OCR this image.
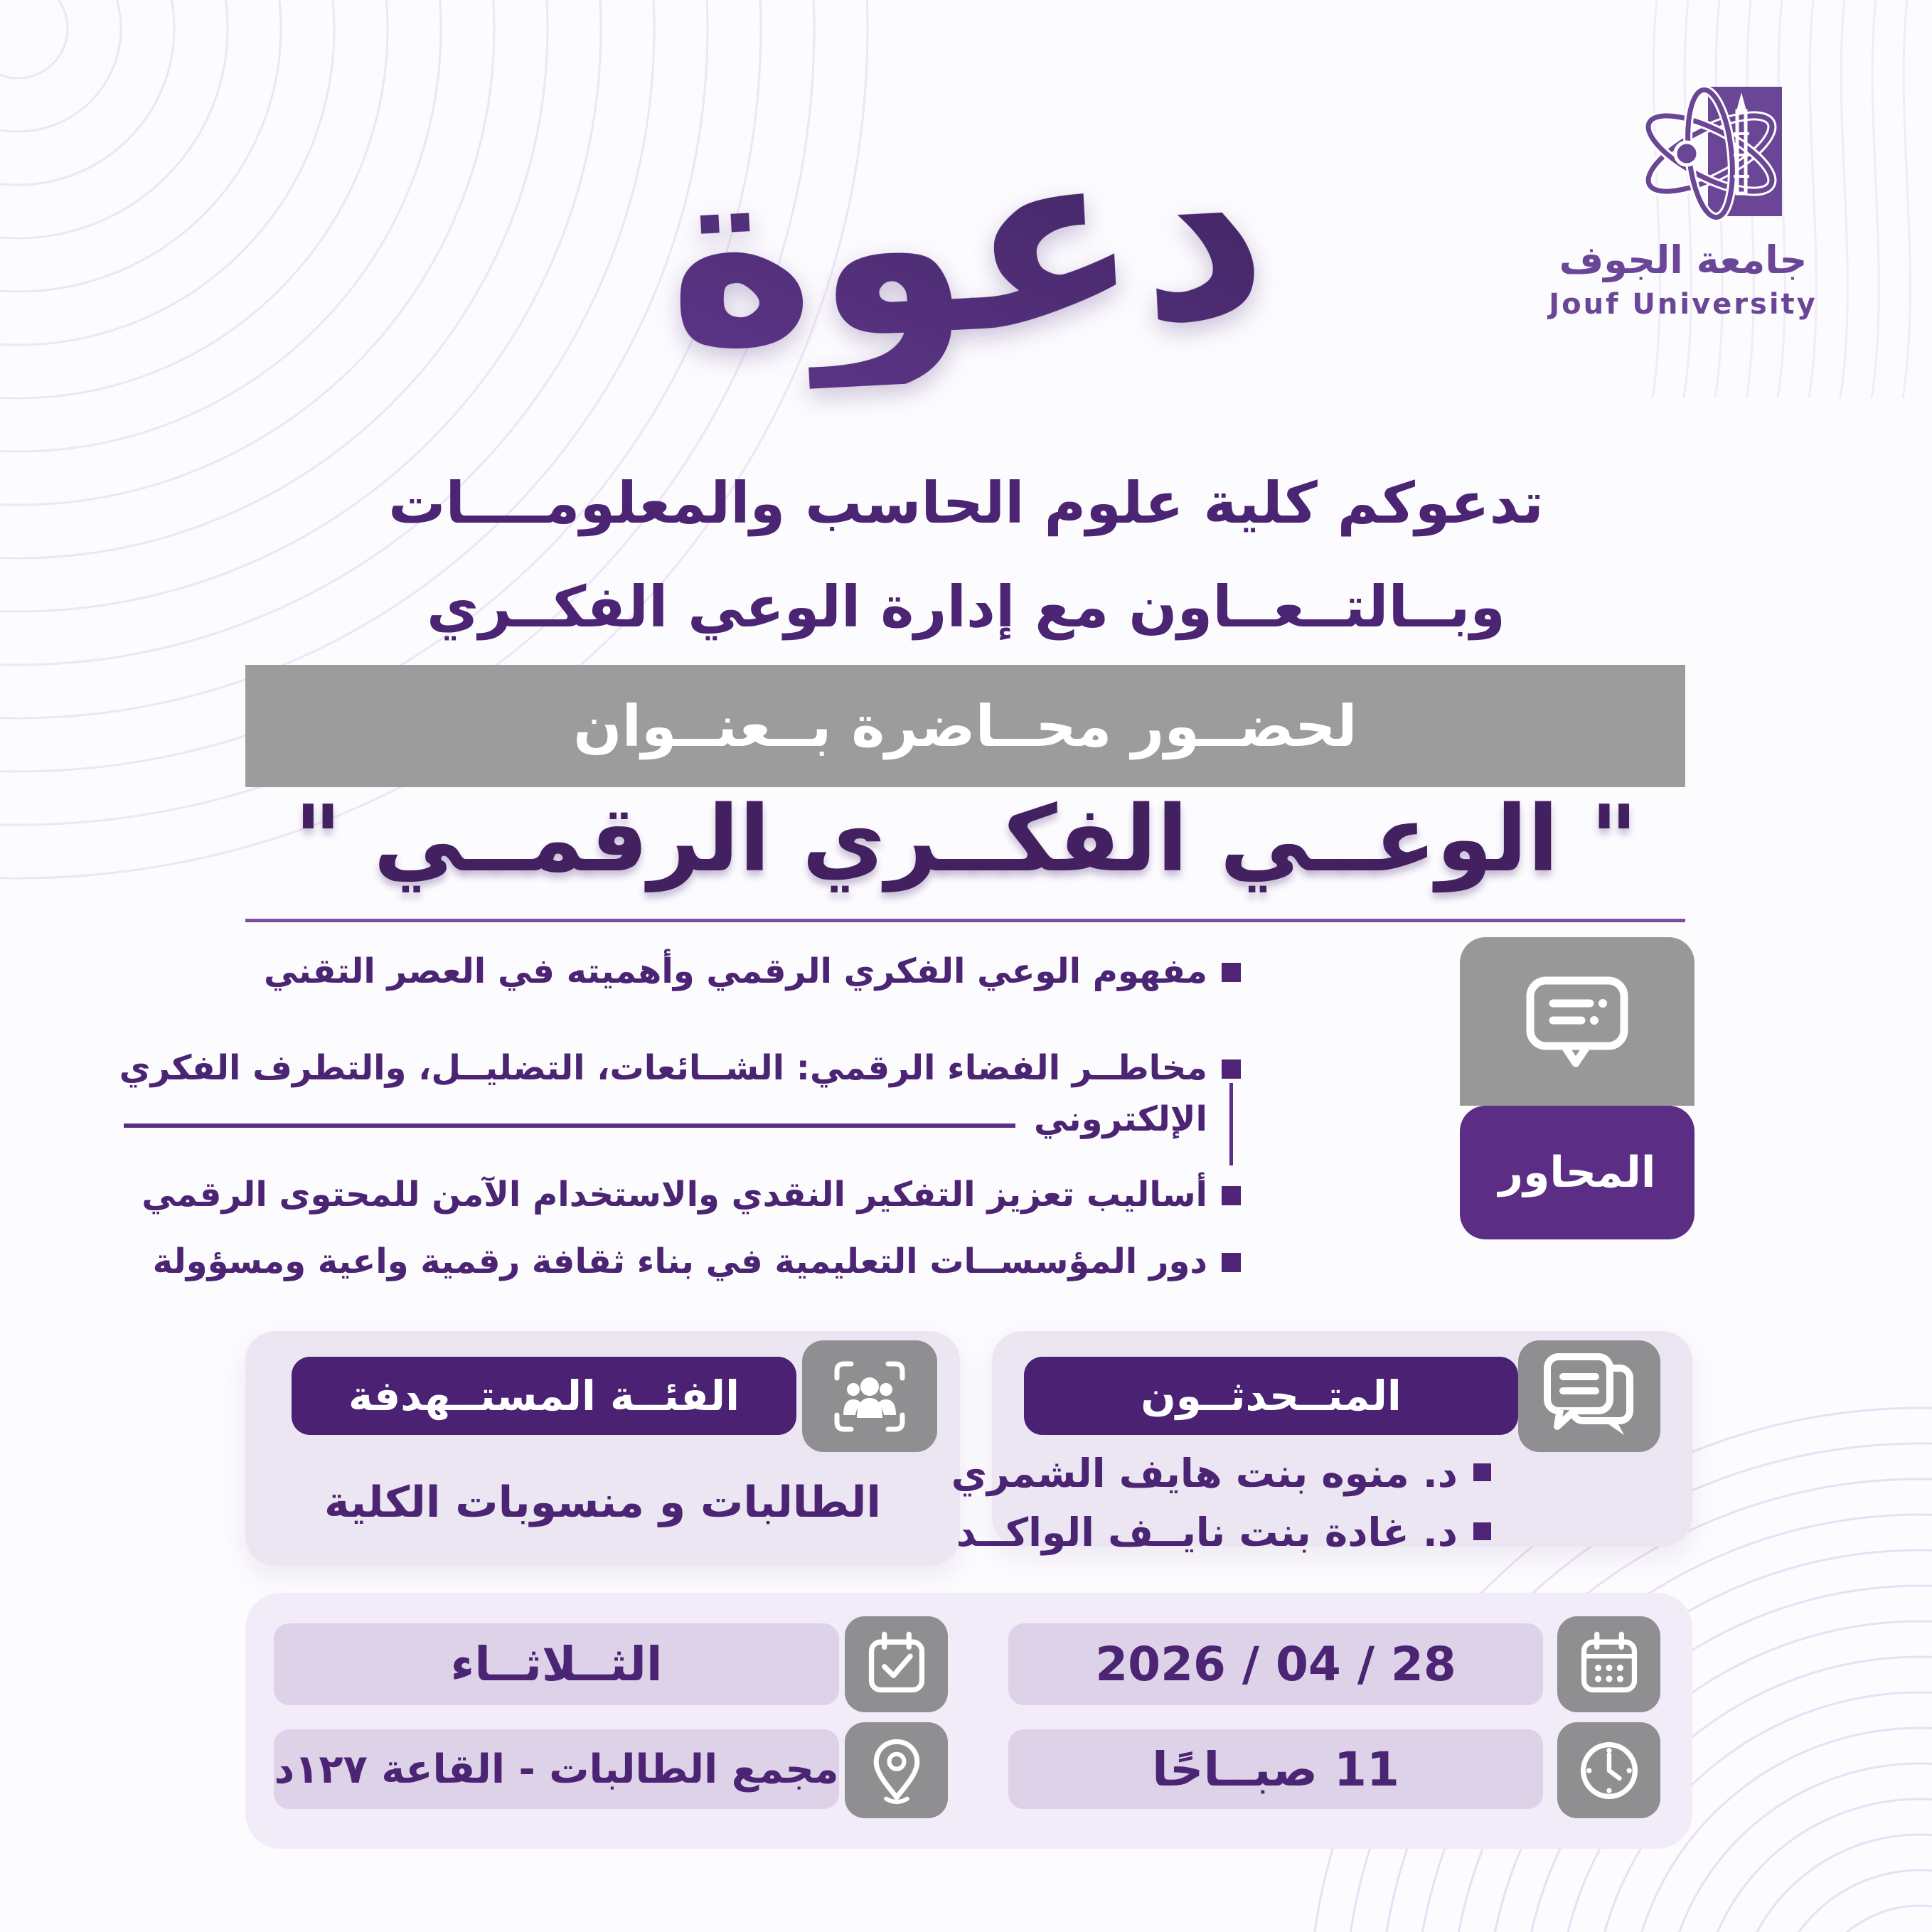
دعوة
تدعوكم كلية علوم الحاسب والمعلومــــات
وبــالتــعــاون مع إدارة الوعي الفكــري
لحضــور محــاضرة بــعنــوان
" الوعــي الفكــري الرقمــي "
مفهوم الوعي الفكري الرقمي وأهميته في العصر التقني
مخاطــر الفضاء الرقمي: الشــائعات، التضليــل، والتطرف الفكري
الإلكتروني
أساليب تعزيز التفكير النقدي والاستخدام الآمن للمحتوى الرقمي
دور المؤسســات التعليمية في بناء ثقافة رقمية واعية ومسؤولة
المحاور
الفئــة المستــهدفة
الطالبات و منسوبات الكلية
المتــحدثــون
د. منوه بنت هايف الشمري
د. غادة بنت نايــف الواكــد
الثــلاثــاء	28 / 04 / 2026
مجمع الطالبات - القاعة ١٢٧د	11 صبــاحًا
